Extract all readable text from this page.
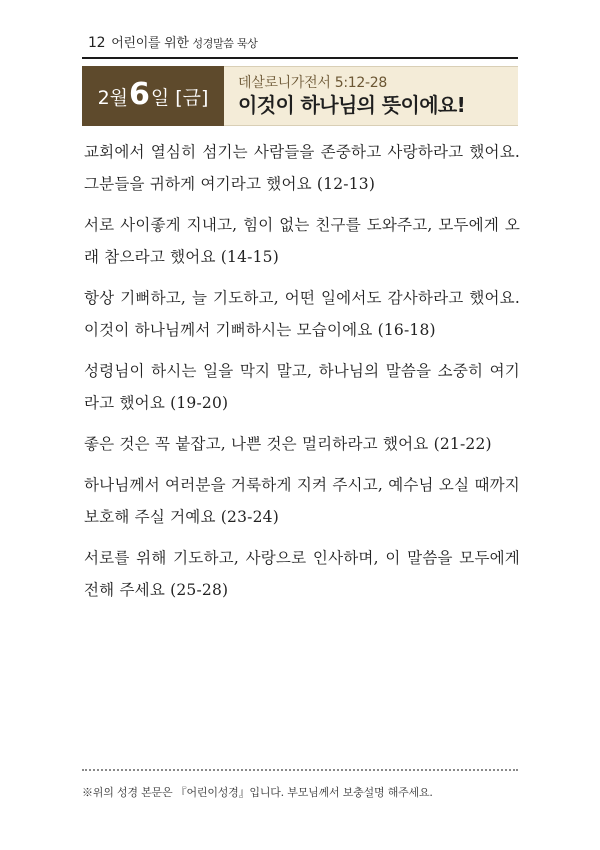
12 어린이를 위한 성경말씀 묵상
2월 6 일 [금]
데살로니가전서 5:12-28
이것이 하나님의 뜻이에요!

교회에서 열심히 섬기는 사람들을 존중하고 사랑하라고 했어요. 그분들을 귀하게 여기라고 했어요 (12-13)

서로 사이좋게 지내고, 힘이 없는 친구를 도와주고, 모두에게 오래 참으라고 했어요 (14-15)

항상 기뻐하고, 늘 기도하고, 어떤 일에서도 감사하라고 했어요. 이것이 하나님께서 기뻐하시는 모습이에요 (16-18)

성령님이 하시는 일을 막지 말고, 하나님의 말씀을 소중히 여기라고 했어요 (19-20)

좋은 것은 꼭 붙잡고, 나쁜 것은 멀리하라고 했어요 (21-22)

하나님께서 여러분을 거룩하게 지켜 주시고, 예수님 오실 때까지 보호해 주실 거예요 (23-24)

서로를 위해 기도하고, 사랑으로 인사하며, 이 말씀을 모두에게 전해 주세요 (25-28)

※위의 성경 본문은 『어린이성경』입니다. 부모님께서 보충설명 해주세요.
